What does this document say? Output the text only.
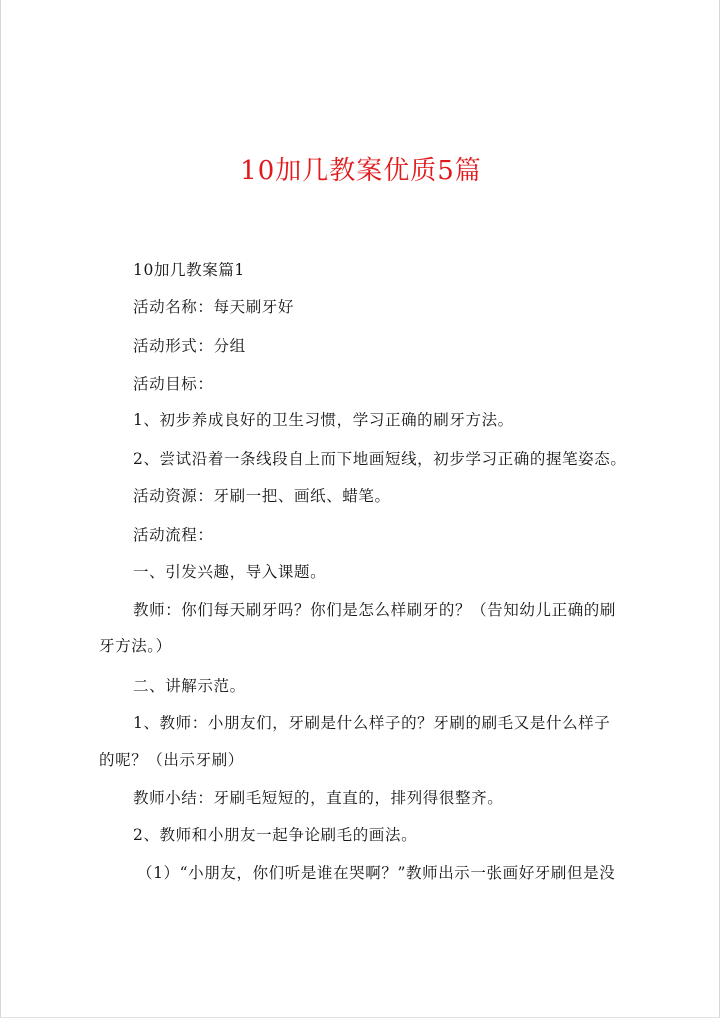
10加几教案优质5篇
10加几教案篇1
活动名称：每天刷牙好
活动形式：分组
活动目标：
1、初步养成良好的卫生习惯，学习正确的刷牙方法。
2、尝试沿着一条线段自上而下地画短线，初步学习正确的握笔姿态。
活动资源：牙刷一把、画纸、蜡笔。
活动流程：
一、引发兴趣，导入课题。
教师：你们每天刷牙吗？你们是怎么样刷牙的？（告知幼儿正确的刷
牙方法。）
二、讲解示范。
1、教师：小朋友们，牙刷是什么样子的？牙刷的刷毛又是什么样子
的呢？（出示牙刷）
教师小结：牙刷毛短短的，直直的，排列得很整齐。
2、教师和小朋友一起争论刷毛的画法。
（1）“小朋友，你们听是谁在哭啊？”教师出示一张画好牙刷但是没
